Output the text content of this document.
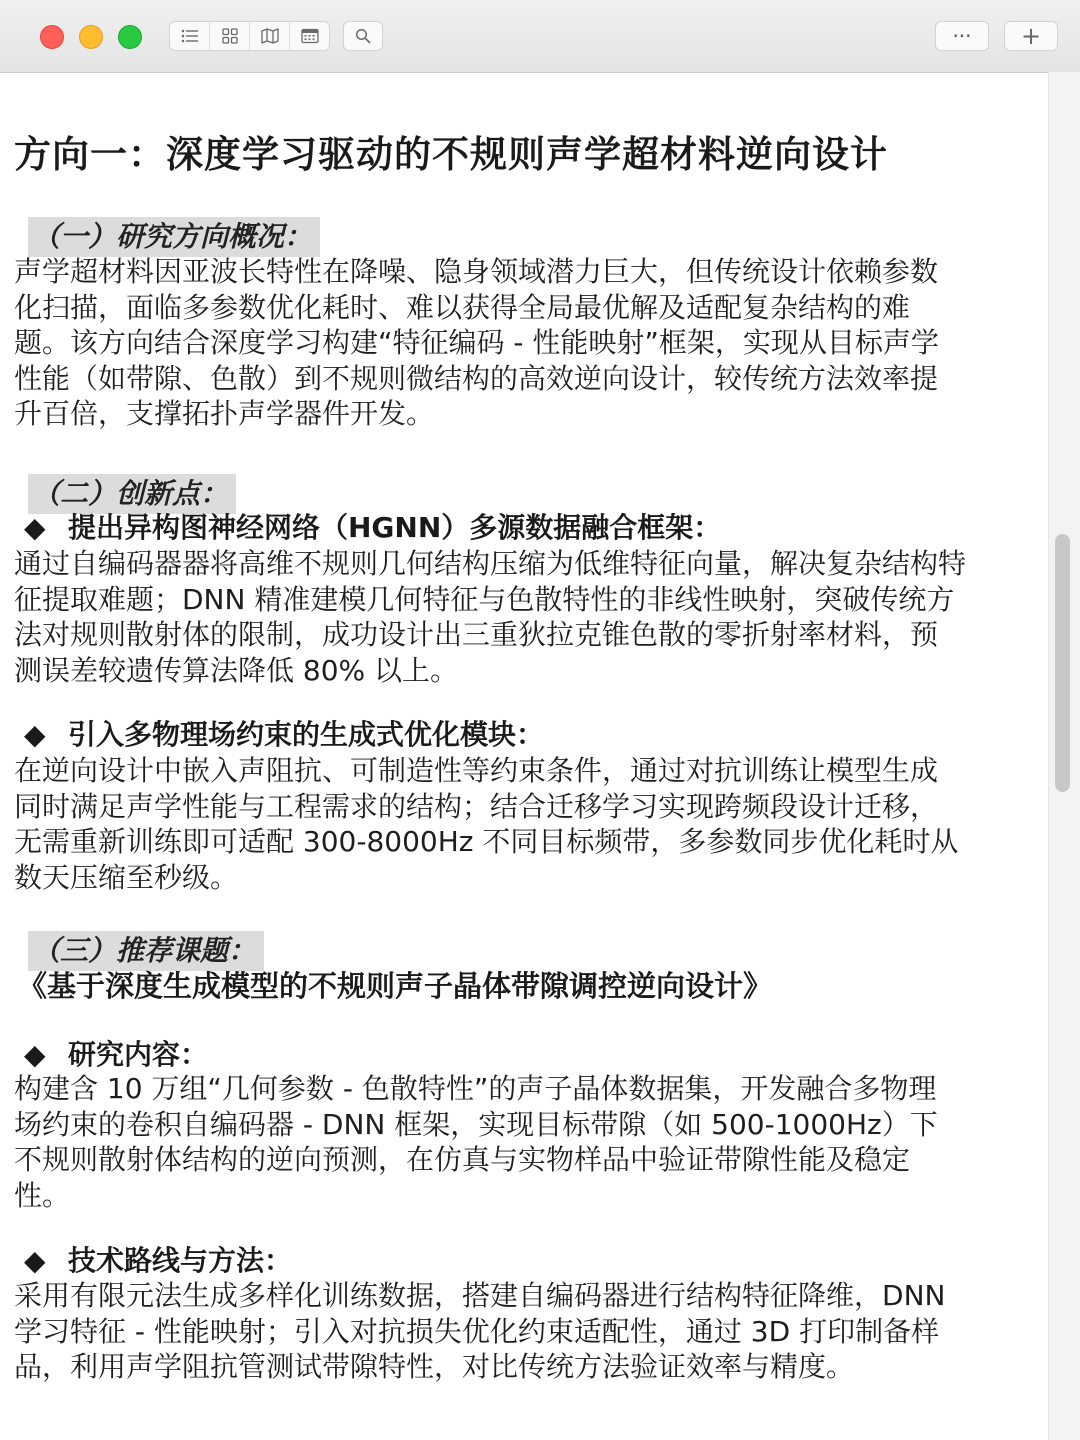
··· +
方向一：深度学习驱动的不规则声学超材料逆向设计
（一）研究方向概况：
声学超材料因亚波长特性在降噪、隐身领域潜力巨大，但传统设计依赖参数
化扫描，面临多参数优化耗时、难以获得全局最优解及适配复杂结构的难
题。该方向结合深度学习构建“特征编码 - 性能映射”框架，实现从目标声学
性能（如带隙、色散）到不规则微结构的高效逆向设计，较传统方法效率提
升百倍，支撑拓扑声学器件开发。
（二）创新点：
◆ 提出异构图神经网络（HGNN）多源数据融合框架：
通过自编码器器将高维不规则几何结构压缩为低维特征向量，解决复杂结构特
征提取难题；DNN 精准建模几何特征与色散特性的非线性映射，突破传统方
法对规则散射体的限制，成功设计出三重狄拉克锥色散的零折射率材料，预
测误差较遗传算法降低 80% 以上。
◆ 引入多物理场约束的生成式优化模块：
在逆向设计中嵌入声阻抗、可制造性等约束条件，通过对抗训练让模型生成
同时满足声学性能与工程需求的结构；结合迁移学习实现跨频段设计迁移，
无需重新训练即可适配 300-8000Hz 不同目标频带，多参数同步优化耗时从
数天压缩至秒级。
（三）推荐课题：
《基于深度生成模型的不规则声子晶体带隙调控逆向设计》
◆ 研究内容：
构建含 10 万组“几何参数 - 色散特性”的声子晶体数据集，开发融合多物理
场约束的卷积自编码器 - DNN 框架，实现目标带隙（如 500-1000Hz）下
不规则散射体结构的逆向预测，在仿真与实物样品中验证带隙性能及稳定
性。
◆ 技术路线与方法：
采用有限元法生成多样化训练数据，搭建自编码器进行结构特征降维，DNN
学习特征 - 性能映射；引入对抗损失优化约束适配性，通过 3D 打印制备样
品，利用声学阻抗管测试带隙特性，对比传统方法验证效率与精度。
